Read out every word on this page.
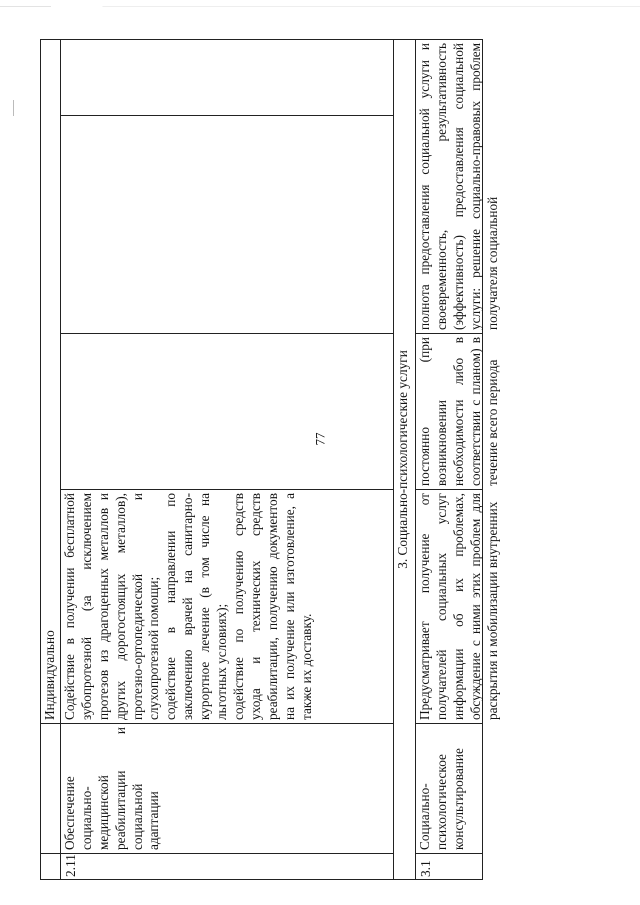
77
		Индивидуально			
2.11	Обеспечение социально-медицинской реабилитации и социальной адаптации	Содействие в получении бесплатной зубопротезной (за исключением протезов из драгоценных металлов и других дорогостоящих металлов), протезно-ортопедической и слухопротезной помощи; содействие в направлении по заключению врачей на санитарно-курортное лечение (в том числе на льготных условиях); содействие по получению средств ухода и технических средств реабилитации, получению документов на их получение или изготовление, а также их доставку.			

3. Социально-психологические услуги					
3.1	Социально-психологическое консультирование	Предусматривает получение от получателей социальных услуг информации об их проблемах, обсуждение с ними этих проблем для раскрытия и мобилизации внутренних	постоянно (при возникновении необходимости либо в соответствии с планом) в течение всего периода	полнота предоставления социальной услуги и своевременность, результативность (эффективность) предоставления социальной услуги: решение социально-правовых проблем получателя социальной	
